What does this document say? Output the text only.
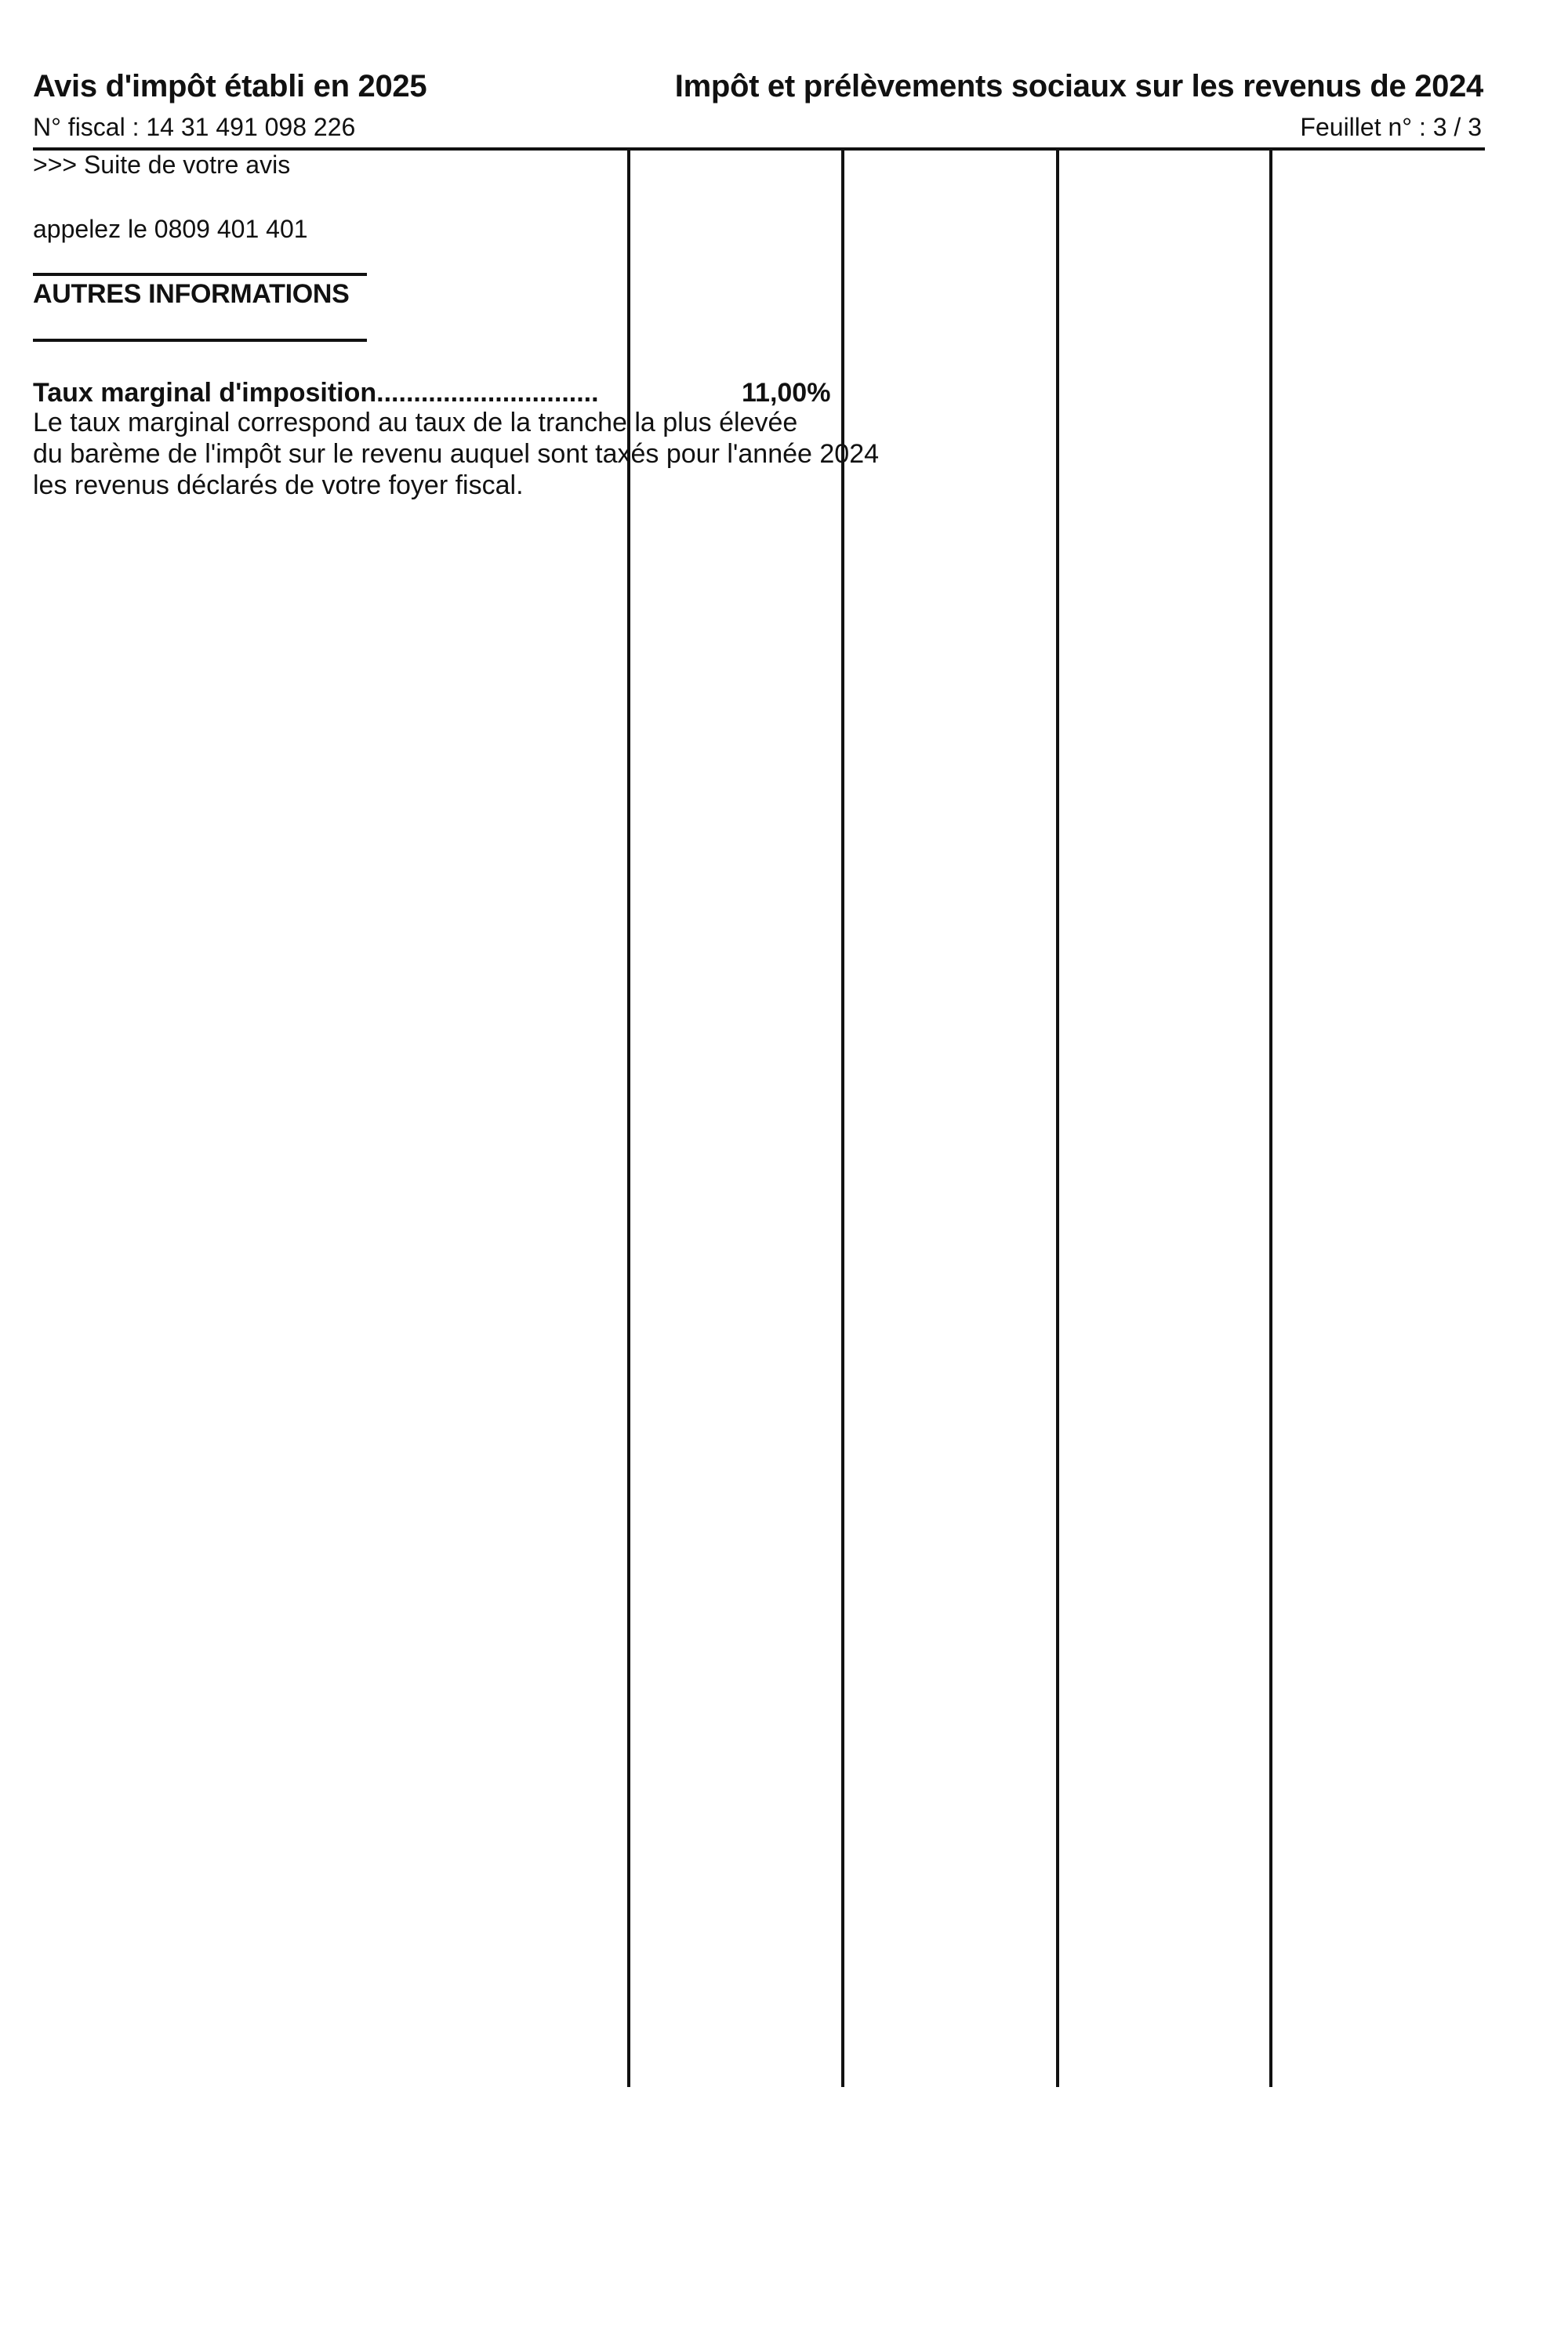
Avis d'impôt établi en 2025	Impôt et prélèvements sociaux sur les revenus de 2024
N° fiscal : 14 31 491 098 226	Feuillet n° : 3 / 3
>>> Suite de votre avis
appelez le 0809 401 401
AUTRES INFORMATIONS
Taux marginal d'imposition..............................	11,00%
Le taux marginal correspond au taux de la tranche la plus élevée
du barème de l'impôt sur le revenu auquel sont taxés pour l'année 2024
les revenus déclarés de votre foyer fiscal.
